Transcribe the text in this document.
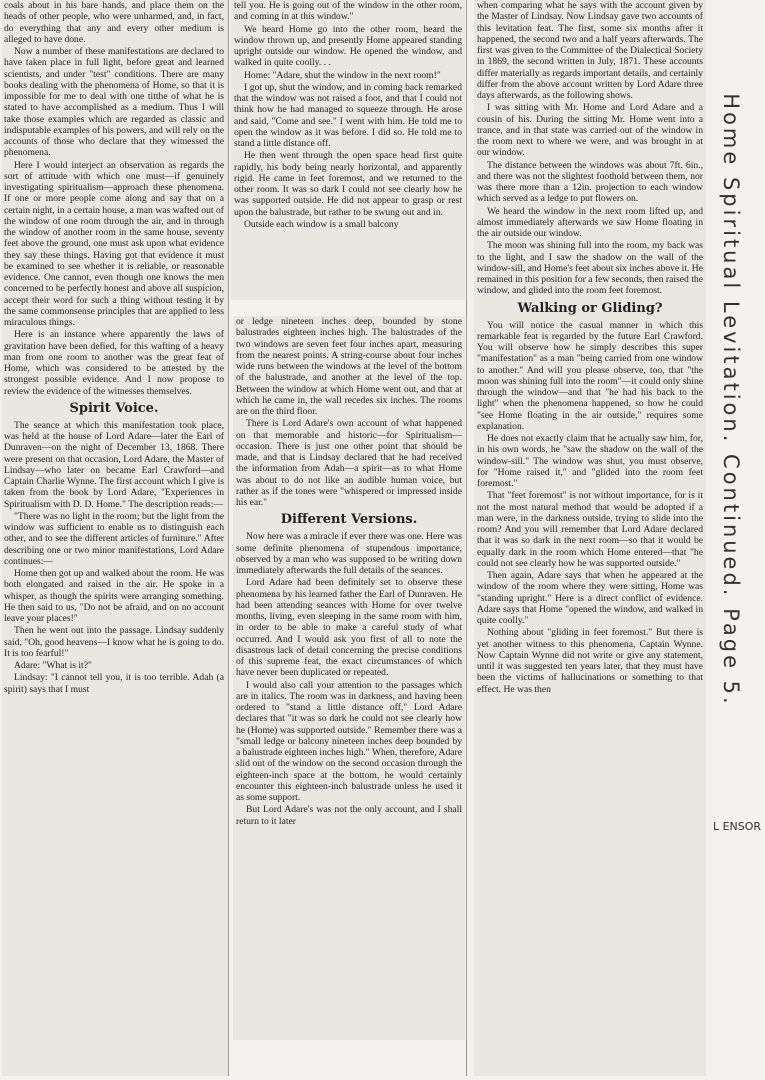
coals about in his bare hands, and place them on the heads of other people, who were unharmed, and, in fact, do everything that any and every other medium is alleged to have done.

Now a number of these manifestations are declared to have taken place in full light, before great and learned scientists, and under "test" conditions. There are many books dealing with the phenomena of Home, so that it is impossible for me to deal with one titthe of what he is stated to have accomplished as a medium. Thus I will take those examples which are regarded as classic and indisputable examples of his powers, and will rely on the accounts of those who declare that they witnessed the phenomena.

Here I would interject an observation as regards the sort of attitude with which one must—if genuinely investigating spiritualism—approach these phenomena. If one or more people come along and say that on a certain night, in a certain house, a man was wafted out of the window of one room through the air, and in through the window of another room in the same house, seventy feet above the ground, one must ask upon what evidence they say these things. Having got that evidence it must be examined to see whether it is reliable, or reasonable evidence. One cannot, even though one knows the men concerned to be perfectly honest and above all suspicion, accept their word for such a thing without testing it by the same commonsense principles that are applied to less miraculous things.

Here is an instance where apparently the laws of gravitation have been defied, for this wafting of a heavy man from one room to another was the great feat of Home, which was considered to be attested by the strongest possible evidence. And I now propose to review the evidence of the witnesses themselves.

Spirit Voice.

The seance at which this manifestation took place, was held at the house of Lord Adare—later the Earl of Dunraven—on the night of December 13, 1868. There were present on that occasion, Lord Adare, the Master of Lindsay—who later on became Earl Crawford—and Captain Charlie Wynne. The first account which I give is taken from the book by Lord Adare, "Experiences in Spiritualism with D. D. Home." The description reads:—

"There was no light in the room; but the light from the window was sufficient to enable us to distinguish each other, and to see the different articles of furniture." After describing one or two minor manifestations, Lord Adare continues:—

Home then got up and walked about the room. He was both elongated and raised in the air. He spoke in a whisper, as though the spirits were arranging something. He then said to us, "Do not be afraid, and on no account leave your places!"

Then he went out into the passage. Lindsay suddenly said, "Oh, good heavens—I know what he is going to do. It is too fearful!"

Adare: "What is it?"

Lindsay: "I cannot tell you, it is too terrible. Adah (a spirit) says that I must

tell you. He is going out of the window in the other room, and coming in at this window."

We heard Home go into the other room, heard the window thrown up, and presently Home appeared standing upright outside our window. He opened the window, and walked in quite coolly. . .

Home: "Adare, shut the window in the next room!"

I got up, shut the window, and in coming back remarked that the window was not raised a foot, and that I could not think how he had managed to squeeze through. He arose and said, "Come and see." I went with him. He told me to open the window as it was before. I did so. He told me to stand a little distance off.

He then went through the open space head first quite rapidly, his body being nearly horizontal, and apparently rigid. He came in feet foremost, and we returned to the other room. It was so dark I could not see clearly how he was supported outside. He did not appear to grasp or rest upon the balustrade, but rather to be swung out and in.

Outside each window is a small balcony

or ledge nineteen inches deep, bounded by stone balustrades eighteen inches high. The balustrades of the two windows are seven feet four inches apart, measuring from the nearest points. A string-course about four inches wide runs between the windows at the level of the bottom of the balustrade, and another at the level of the top. Between the window at which Home went out, and that at which he came in, the wall recedes six inches. The rooms are on the third floor.

There is Lord Adare's own account of what happened on that memorable and historic—for Spiritualism—occasion. There is just one other point that should be made, and that is Lindsay declared that he had received the information from Adah—a spirit—as to what Home was about to do not like an audible human voice, but rather as if the tones were "whispered or impressed inside his ear."

Different Versions.

Now here was a miracle if ever there was one. Here was some definite phenomena of stupendous importance, observed by a man who was supposed to be writing down immediately afterwards the full details of the seances.

Lord Adare had been definitely set to observe these phenomena by his learned father the Earl of Dunraven. He had been attending seances with Home for over twelve months, living, even sleeping in the same room with him, in order to be able to make a careful study of what occurred. And I would ask you first of all to note the disastrous lack of detail concerning the precise conditions of this supreme feat, the exact circumstances of which have never been duplicated or repeated.

I would also call your attention to the passages which are in italics. The room was in darkness, and having been ordered to "stand a little distance off," Lord Adare declares that "it was so dark he could not see clearly how he (Home) was supported outside." Remember there was a "small ledge or balcony nineteen inches deep bounded by a balustrade eighteen inches high." When, therefore, Adare slid out of the window on the second occasion through the eighteen-inch space at the bottom, he would certainly encounter this eighteen-inch balustrade unless he used it as some support.

But Lord Adare's was not the only account, and I shall return to it later

when comparing what he says with the account given by the Master of Lindsay. Now Lindsay gave two accounts of this levitation feat. The first, some six months after it happened, the second two and a half years afterwards. The first was given to the Committee of the Dialectical Society in 1869, the second written in July, 1871. These accounts differ materially as regards important details, and certainly differ from the above account written by Lord Adare three days afterwards, as the following shows.

I was sitting with Mr. Home and Lord Adare and a cousin of his. During the sitting Mr. Home went into a trance, and in that state was carried out of the window in the room next to where we were, and was brought in at our window.

The distance between the windows was about 7ft. 6in., and there was not the slightest foothold between them, nor was there more than a 12in. projection to each window which served as a ledge to put flowers on.

We heard the window in the next room lifted up, and almost immediately afterwards we saw Home floating in the air outside our window.

The moon was shining full into the room, my back was to the light, and I saw the shadow on the wall of the window-sill, and Home's feet about six inches above it. He remained in this position for a few seconds, then raised the window, and glided into the room feet foremost.

Walking or Gliding?

You will notice the casual manner in which this remarkable feat is regarded by the future Earl Crawford. You will observe how he simply describes this super "manifestation" as a man "being carried from one window to another." And will you please observe, too, that "the moon was shining full into the room"—it could only shine through the window—and that "he had his back to the light" when the phenomena happened, so how he could "see Home floating in the air outside," requires some explanation.

He does not exactly claim that he actually saw him, for, in his own words, he "saw the shadow on the wall of the window-sill." The window was shut, you must observe, for "Home raised it," and "glided into the room feet foremost."

That "feet foremost" is not without importance, for is it not the most natural method that would be adopted if a man were, in the darkness outside, trying to slide into the room? And you will remember that Lord Adare declared that it was so dark in the next room—so that it would be equally dark in the room which Home entered—that "he could not see clearly how he was supported outside."

Then again, Adare says that when he appeared at the window of the room where they were sitting, Home was "standing upright." Here is a direct conflict of evidence. Adare says that Home "opened the window, and walked in quite coolly."

Nothing about "gliding in feet foremost." But there is yet another witness to this phenomena, Captain Wynne. Now Captain Wynne did not write or give any statement, until it was suggested ten years later, that they must have been the victims of hallucinations or something to that effect. He was then	Home Spiritual Levitation. Continued. Page 5.
L ENSOR
